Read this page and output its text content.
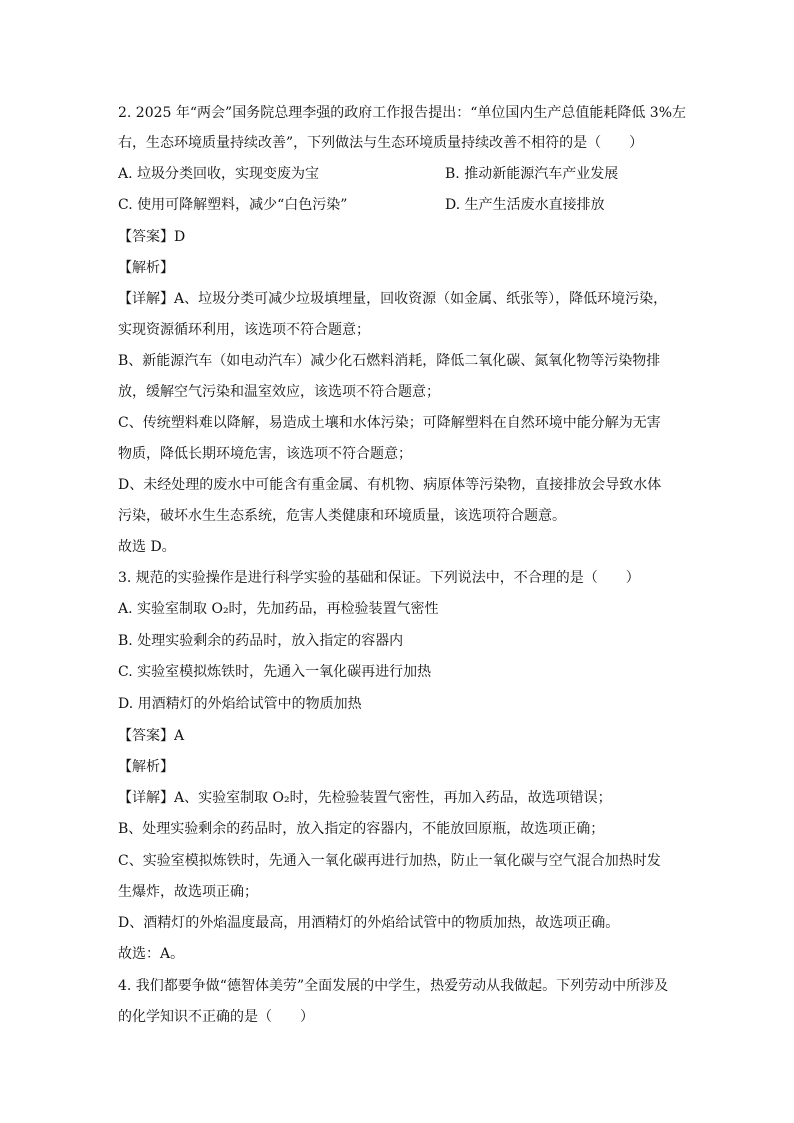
2. 2025 年“两会”国务院总理李强的政府工作报告提出：“单位国内生产总值能耗降低 3%左
右，生态环境质量持续改善”，下列做法与生态环境质量持续改善不相符的是（　　）
A. 垃圾分类回收，实现变废为宝	B. 推动新能源汽车产业发展
C. 使用可降解塑料，减少“白色污染”	D. 生产生活废水直接排放
【答案】D
【解析】
【详解】A、垃圾分类可减少垃圾填埋量，回收资源（如金属、纸张等），降低环境污染，
实现资源循环利用，该选项不符合题意；
B、新能源汽车（如电动汽车）减少化石燃料消耗，降低二氧化碳、氮氧化物等污染物排
放，缓解空气污染和温室效应，该选项不符合题意；
C、传统塑料难以降解，易造成土壤和水体污染；可降解塑料在自然环境中能分解为无害
物质，降低长期环境危害，该选项不符合题意；
D、未经处理的废水中可能含有重金属、有机物、病原体等污染物，直接排放会导致水体
污染，破坏水生生态系统，危害人类健康和环境质量，该选项符合题意。
故选 D。
3. 规范的实验操作是进行科学实验的基础和保证。下列说法中，不合理的是（　　）
A. 实验室制取 O₂时，先加药品，再检验装置气密性
B. 处理实验剩余的药品时，放入指定的容器内
C. 实验室模拟炼铁时，先通入一氧化碳再进行加热
D. 用酒精灯的外焰给试管中的物质加热
【答案】A
【解析】
【详解】A、实验室制取 O₂时，先检验装置气密性，再加入药品，故选项错误；
B、处理实验剩余的药品时，放入指定的容器内，不能放回原瓶，故选项正确；
C、实验室模拟炼铁时，先通入一氧化碳再进行加热，防止一氧化碳与空气混合加热时发
生爆炸，故选项正确；
D、酒精灯的外焰温度最高，用酒精灯的外焰给试管中的物质加热，故选项正确。
故选：A。
4. 我们都要争做“德智体美劳”全面发展的中学生，热爱劳动从我做起。下列劳动中所涉及
的化学知识不正确的是（　　）
